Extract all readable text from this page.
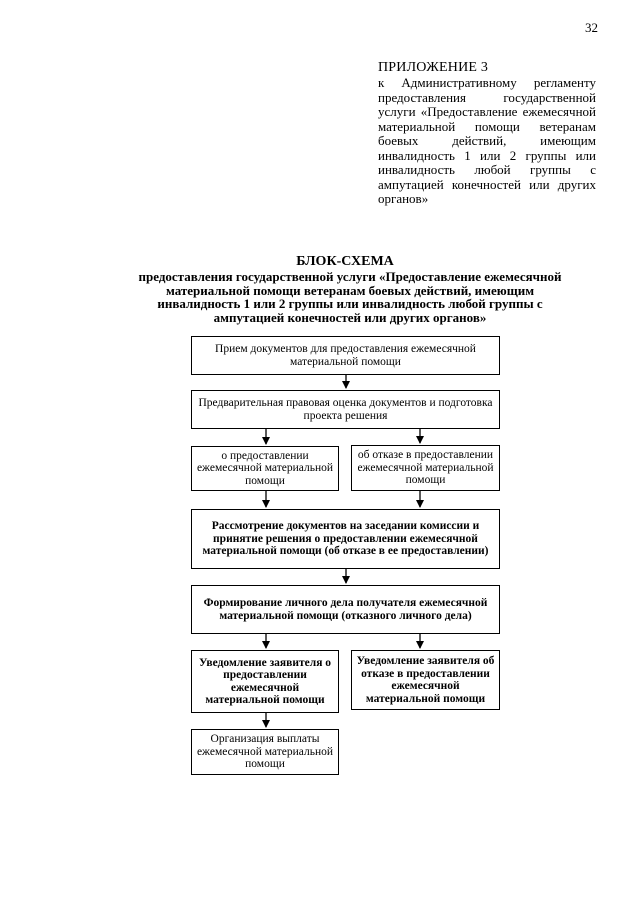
32
ПРИЛОЖЕНИЕ 3
к Административному регламенту предоставления государственной услуги «Предоставление ежемесячной материальной помощи ветеранам боевых действий, имеющим инвалидность 1 или 2 группы или инвалидность любой группы с ампутацией конечностей или других органов»
БЛОК-СХЕМА
предоставления государственной услуги «Предоставление ежемесячной материальной помощи ветеранам боевых действий, имеющим инвалидность 1 или 2 группы или инвалидность любой группы с ампутацией конечностей или других органов»
Прием документов для предоставления ежемесячной материальной помощи
Предварительная правовая оценка документов и подготовка проекта решения
о предоставлении ежемесячной материальной помощи
об отказе в предоставлении ежемесячной материальной помощи
Рассмотрение документов на заседании комиссии и принятие решения о предоставлении ежемесячной материальной помощи (об отказе в ее предоставлении)
Формирование личного дела получателя ежемесячной материальной помощи (отказного личного дела)
Уведомление заявителя о предоставлении ежемесячной материальной помощи
Уведомление заявителя об отказе в предоставлении ежемесячной материальной помощи
Организация выплаты ежемесячной материальной помощи
